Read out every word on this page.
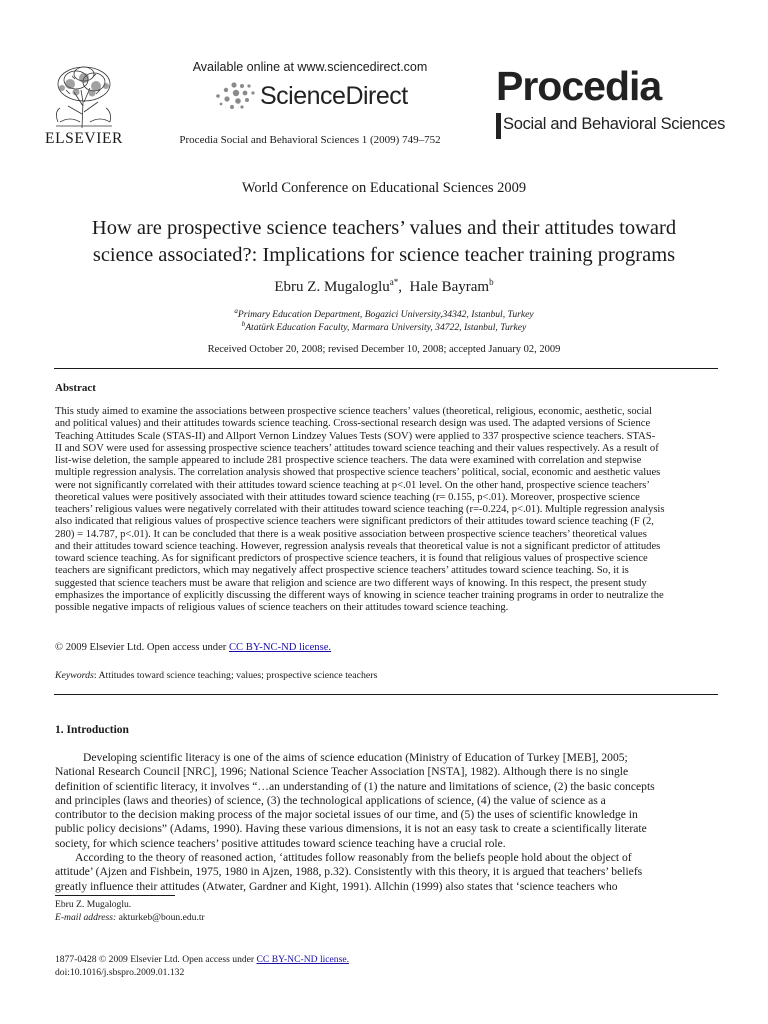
ELSEVIER
Available online at www.sciencedirect.com
ScienceDirect
Procedia Social and Behavioral Sciences 1 (2009) 749–752
Procedia
Social and Behavioral Sciences
World Conference on Educational Sciences 2009
How are prospective science teachers’ values and their attitudes toward
science associated?: Implications for science teacher training programs
Ebru Z. Mugaloglu$^{a*}$,  Hale Bayram$^b$
$^a$Primary Education Department, Bogazici University,34342, Istanbul, Turkey
$^b$Atatürk Education Faculty, Marmara University, 34722, Istanbul, Turkey
Received October 20, 2008; revised December 10, 2008; accepted January 02, 2009
Abstract
This study aimed to examine the associations between prospective science teachers’ values (theoretical, religious, economic, aesthetic, social
and political values) and their attitudes towards science teaching. Cross-sectional research design was used. The adapted versions of Science
Teaching Attitudes Scale (STAS-II) and Allport Vernon Lindzey Values Tests (SOV) were applied to 337 prospective science teachers. STAS-
II and SOV were used for assessing prospective science teachers’ attitudes toward science teaching and their values respectively. As a result of
list-wise deletion, the sample appeared to include 281 prospective science teachers. The data were examined with correlation and stepwise
multiple regression analysis. The correlation analysis showed that prospective science teachers’ political, social, economic and aesthetic values
were not significantly correlated with their attitudes toward science teaching at p<.01 level. On the other hand, prospective science teachers’
theoretical values were positively associated with their attitudes toward science teaching (r= 0.155, p<.01). Moreover, prospective science
teachers’ religious values were negatively correlated with their attitudes toward science teaching (r=-0.224, p<.01). Multiple regression analysis
also indicated that religious values of prospective science teachers were significant predictors of their attitudes toward science teaching (F (2,
280) = 14.787, p<.01). It can be concluded that there is a weak positive association between prospective science teachers’ theoretical values
and their attitudes toward science teaching. However, regression analysis reveals that theoretical value is not a significant predictor of attitudes
toward science teaching. As for significant predictors of prospective science teachers, it is found that religious values of prospective science
teachers are significant predictors, which may negatively affect prospective science teachers’ attitudes toward science teaching. So, it is
suggested that science teachers must be aware that religion and science are two different ways of knowing. In this respect, the present study
emphasizes the importance of explicitly discussing the different ways of knowing in science teacher training programs in order to neutralize the
possible negative impacts of religious values of science teachers on their attitudes toward science teaching.
© 2009 Elsevier Ltd. Open access under CC BY-NC-ND license.
Keywords: Attitudes toward science teaching; values; prospective science teachers
1. Introduction
Developing scientific literacy is one of the aims of science education (Ministry of Education of Turkey [MEB], 2005;
National Research Council [NRC], 1996; National Science Teacher Association [NSTA], 1982). Although there is no single
definition of scientific literacy, it involves “…an understanding of (1) the nature and limitations of science, (2) the basic concepts
and principles (laws and theories) of science, (3) the technological applications of science, (4) the value of science as a
contributor to the decision making process of the major societal issues of our time, and (5) the uses of scientific knowledge in
public policy decisions” (Adams, 1990). Having these various dimensions, it is not an easy task to create a scientifically literate
society, for which science teachers’ positive attitudes toward science teaching have a crucial role.
According to the theory of reasoned action, ‘attitudes follow reasonably from the beliefs people hold about the object of
attitude’ (Ajzen and Fishbein, 1975, 1980 in Ajzen, 1988, p.32). Consistently with this theory, it is argued that teachers’ beliefs
greatly influence their attitudes (Atwater, Gardner and Kight, 1991). Allchin (1999) also states that ‘science teachers who
Ebru Z. Mugaloglu.
E-mail address: akturkeb@boun.edu.tr
1877-0428 © 2009 Elsevier Ltd. Open access under CC BY-NC-ND license.
doi:10.1016/j.sbspro.2009.01.132
